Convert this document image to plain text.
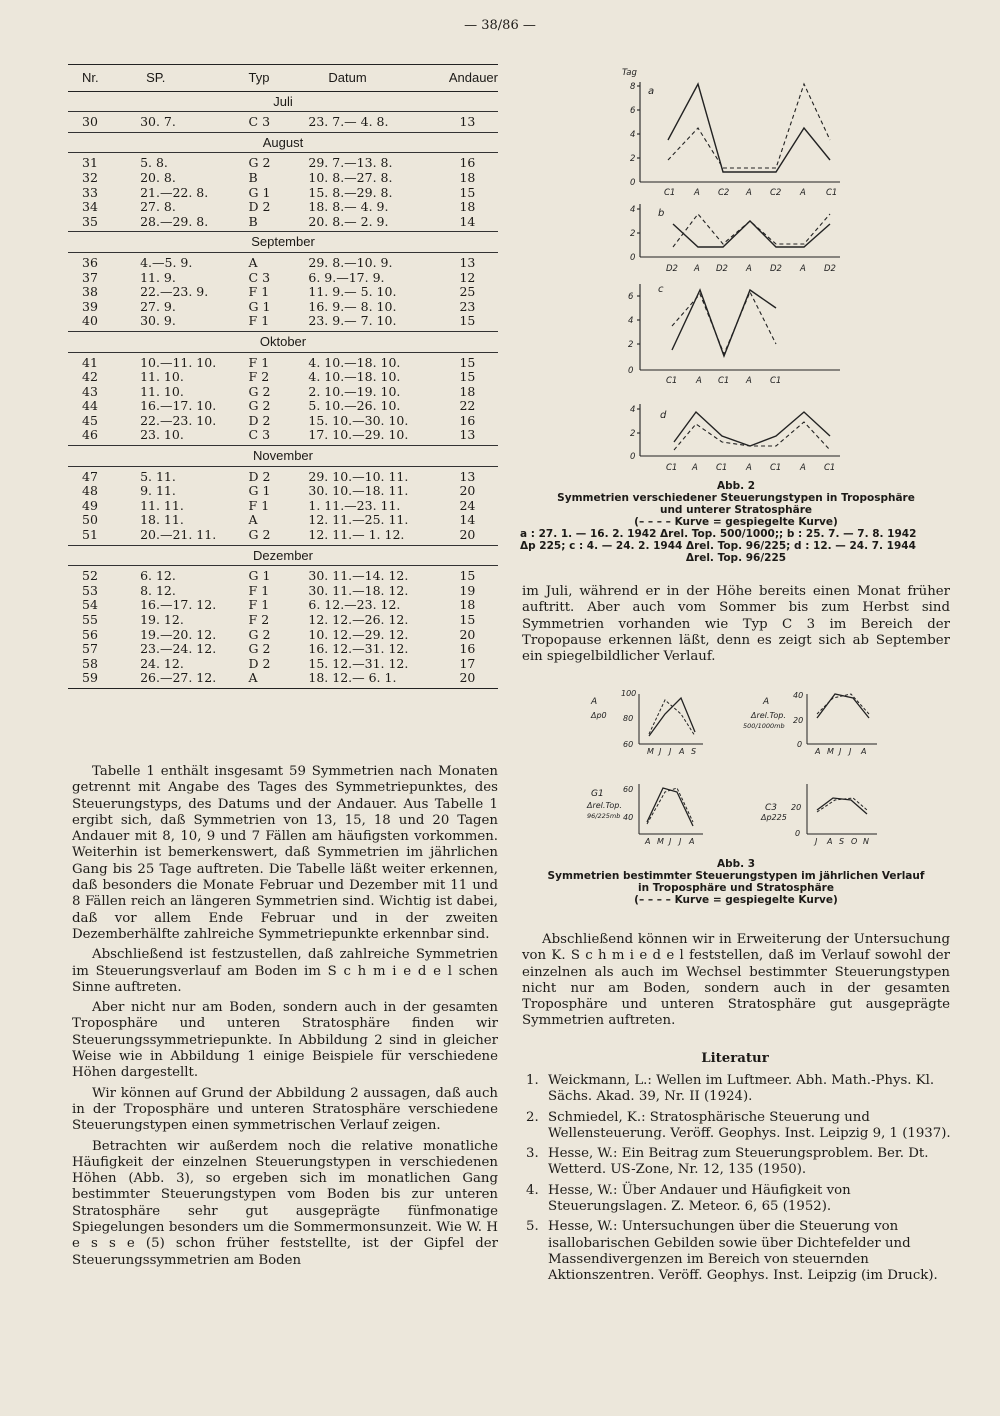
— 38/86 —
Nr.	SP.	Typ	Datum	Andauer
Juli				
30	30. 7.	C 3	23. 7.— 4. 8.	13
August				
31	5. 8.	G 2	29. 7.—13. 8.	16
32	20. 8.	B	10. 8.—27. 8.	18
33	21.—22. 8.	G 1	15. 8.—29. 8.	15
34	27. 8.	D 2	18. 8.— 4. 9.	18
35	28.—29. 8.	B	20. 8.— 2. 9.	14
September				
36	4.—5. 9.	A	29. 8.—10. 9.	13
37	11. 9.	C 3	6. 9.—17. 9.	12
38	22.—23. 9.	F 1	11. 9.— 5. 10.	25
39	27. 9.	G 1	16. 9.— 8. 10.	23
40	30. 9.	F 1	23. 9.— 7. 10.	15
Oktober				
41	10.—11. 10.	F 1	4. 10.—18. 10.	15
42	11. 10.	F 2	4. 10.—18. 10.	15
43	11. 10.	G 2	2. 10.—19. 10.	18
44	16.—17. 10.	G 2	5. 10.—26. 10.	22
45	22.—23. 10.	D 2	15. 10.—30. 10.	16
46	23. 10.	C 3	17. 10.—29. 10.	13
November				
47	5. 11.	D 2	29. 10.—10. 11.	13
48	9. 11.	G 1	30. 10.—18. 11.	20
49	11. 11.	F 1	1. 11.—23. 11.	24
50	18. 11.	A	12. 11.—25. 11.	14
51	20.—21. 11.	G 2	12. 11.— 1. 12.	20
Dezember				
52	6. 12.	G 1	30. 11.—14. 12.	15
53	8. 12.	F 1	30. 11.—18. 12.	19
54	16.—17. 12.	F 1	6. 12.—23. 12.	18
55	19. 12.	F 2	12. 12.—26. 12.	15
56	19.—20. 12.	G 2	10. 12.—29. 12.	20
57	23.—24. 12.	G 2	16. 12.—31. 12.	16
58	24. 12.	D 2	15. 12.—31. 12.	17
59	26.—27. 12.	A	18. 12.— 6. 1.	20

Tabelle 1 enthält insgesamt 59 Symmetrien nach Monaten getrennt mit Angabe des Tages des Symmetriepunktes, des Steuerungstyps, des Datums und der Andauer. Aus Tabelle 1 ergibt sich, daß Symmetrien von 13, 15, 18 und 20 Tagen Andauer mit 8, 10, 9 und 7 Fällen am häufigsten vorkommen. Weiterhin ist bemerkenswert, daß Symmetrien im jährlichen Gang bis 25 Tage auftreten. Die Tabelle läßt weiter erkennen, daß besonders die Monate Februar und Dezember mit 11 und 8 Fällen reich an längeren Symmetrien sind. Wichtig ist dabei, daß vor allem Ende Februar und in der zweiten Dezemberhälfte zahlreiche Symmetriepunkte erkennbar sind.

Abschließend ist festzustellen, daß zahlreiche Symmetrien im Steuerungsverlauf am Boden im S c h m i e d e l schen Sinne auftreten.

Aber nicht nur am Boden, sondern auch in der gesamten Troposphäre und unteren Stratosphäre finden wir Steuerungssymmetriepunkte. In Abbildung 2 sind in gleicher Weise wie in Abbildung 1 einige Beispiele für verschiedene Höhen dargestellt.

Wir können auf Grund der Abbildung 2 aussagen, daß auch in der Troposphäre und unteren Stratosphäre verschiedene Steuerungstypen einen symmetrischen Verlauf zeigen.

Betrachten wir außerdem noch die relative monatliche Häufigkeit der einzelnen Steuerungstypen in verschiedenen Höhen (Abb. 3), so ergeben sich im monatlichen Gang bestimmter Steuerungstypen vom Boden bis zur unteren Stratosphäre sehr gut ausgeprägte fünfmonatige Spiegelungen besonders um die Sommermonsunzeit. Wie W. H e s s e (5) schon früher feststellte, ist der Gipfel der Steuerungssymmetrien am Boden

Tag
a
8
6
4
2
0
C1 A C2 A C2 A C1
b
4
2
0
D2 A D2 A D2 A D2
c
6
4
2
0
C1 A C1 A C1
d
4
2
0
C1 A C1 A C1 A C1
Abb. 2
Symmetrien verschiedener Steuerungstypen in Troposphäre
und unterer Stratosphäre
(– – – – Kurve = gespiegelte Kurve)
a : 27. 1. — 16. 2. 1942 Δrel. Top. 500/1000;; b : 25. 7. — 7. 8. 1942
Δp 225; c : 4. — 24. 2. 1944 Δrel. Top. 96/225; d : 12. — 24. 7. 1944
Δrel. Top. 96/225

im Juli, während er in der Höhe bereits einen Monat früher auftritt. Aber auch vom Sommer bis zum Herbst sind Symmetrien vorhanden wie Typ C 3 im Bereich der Tropopause erkennen läßt, denn es zeigt sich ab September ein spiegelbildlicher Verlauf.

A
Δp0
100
80
60
M J J A S
A
Δrel.Top.
500/1000mb
40
20
0
A M J J A
G1
Δrel.Top.
96/225mb
60
40
A M J J A
C3
Δp225
20
0
J A S O N
Abb. 3
Symmetrien bestimmter Steuerungstypen im jährlichen Verlauf
in Troposphäre und Stratosphäre
(– – – – Kurve = gespiegelte Kurve)

Abschließend können wir in Erweiterung der Untersuchung von K. S c h m i e d e l feststellen, daß im Verlauf sowohl der einzelnen als auch im Wechsel bestimmter Steuerungstypen nicht nur am Boden, sondern auch in der gesamten Troposphäre und unteren Stratosphäre gut ausgeprägte Symmetrien auftreten.

Literatur
1. Weickmann, L.: Wellen im Luftmeer. Abh. Math.-Phys. Kl. Sächs. Akad. 39, Nr. II (1924).
2. Schmiedel, K.: Stratosphärische Steuerung und Wellensteuerung. Veröff. Geophys. Inst. Leipzig 9, 1 (1937).
3. Hesse, W.: Ein Beitrag zum Steuerungsproblem. Ber. Dt. Wetterd. US-Zone, Nr. 12, 135 (1950).
4. Hesse, W.: Über Andauer und Häufigkeit von Steuerungslagen. Z. Meteor. 6, 65 (1952).
5. Hesse, W.: Untersuchungen über die Steuerung von isallobarischen Gebilden sowie über Dichtefelder und Massendivergenzen im Bereich von steuernden Aktionszentren. Veröff. Geophys. Inst. Leipzig (im Druck).
